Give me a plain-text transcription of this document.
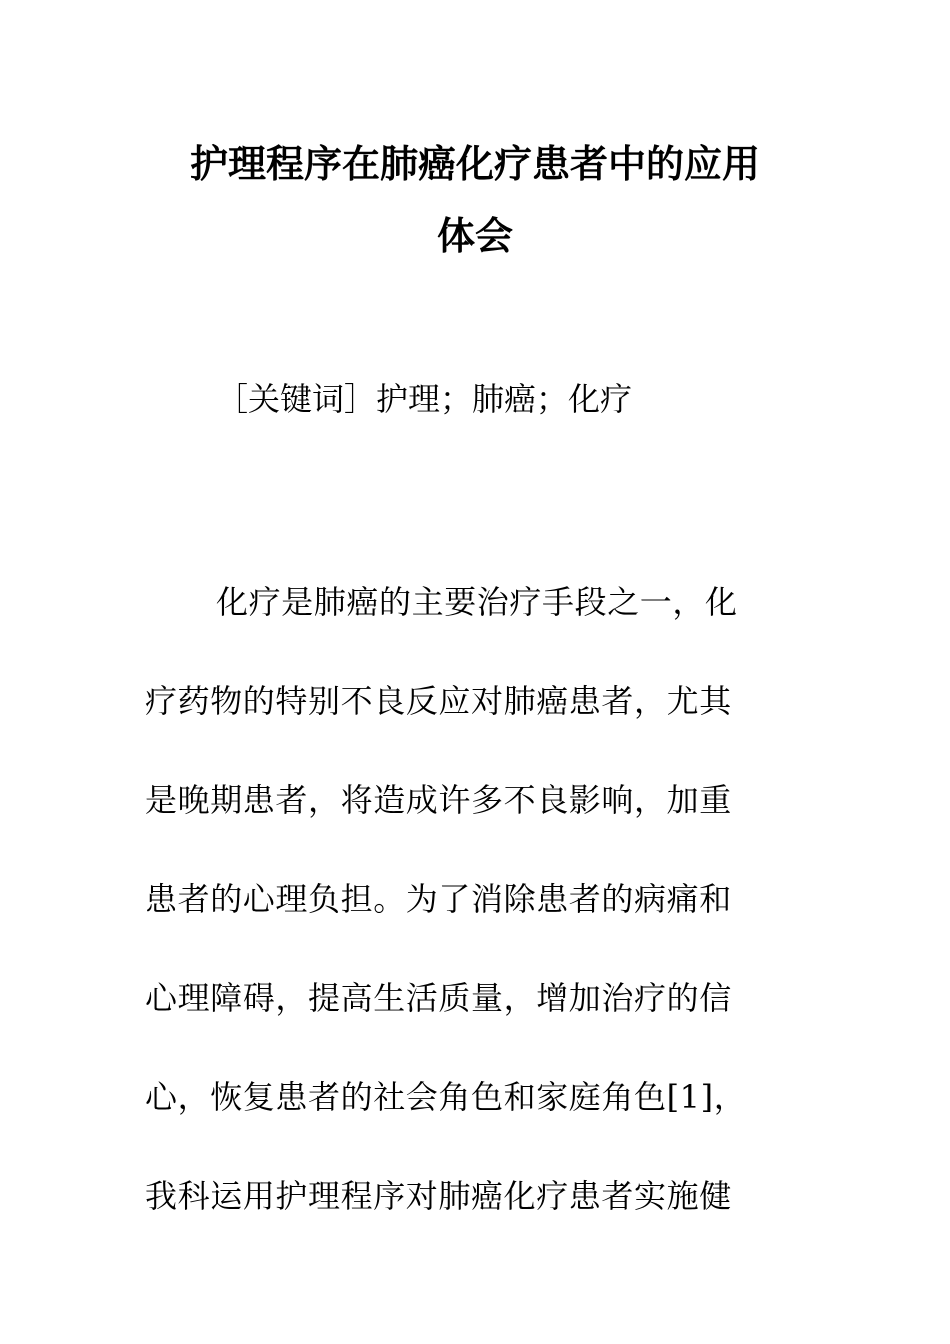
护理程序在肺癌化疗患者中的应用
体会

［关键词］护理；肺癌；化疗

化疗是肺癌的主要治疗手段之一，化
疗药物的特别不良反应对肺癌患者，尤其
是晚期患者，将造成许多不良影响，加重
患者的心理负担。为了消除患者的病痛和
心理障碍，提高生活质量，增加治疗的信
心，恢复患者的社会角色和家庭角色[1]，
我科运用护理程序对肺癌化疗患者实施健
